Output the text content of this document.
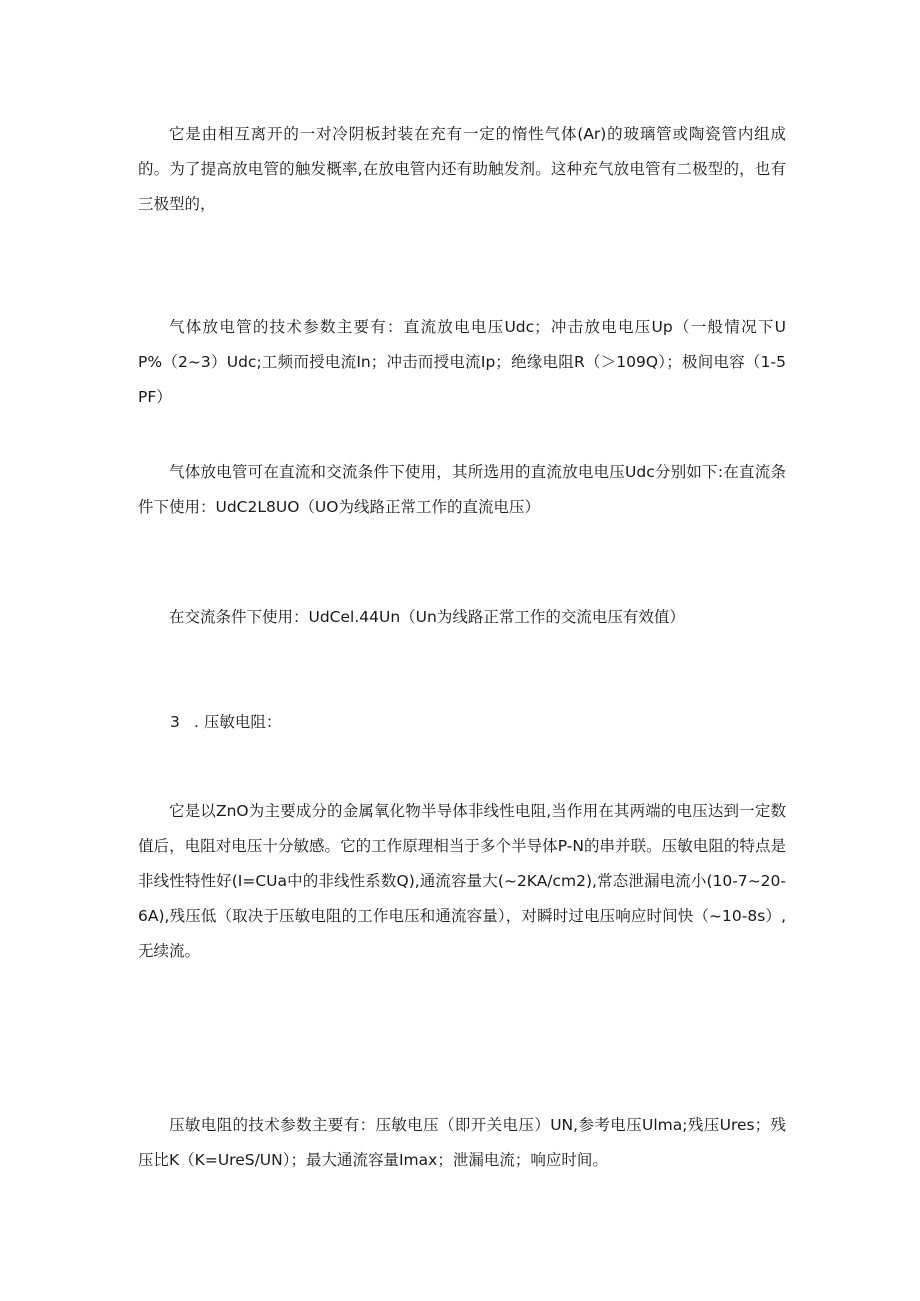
它是由相互离开的一对冷阴板封装在充有一定的惰性气体(Ar)的玻璃管或陶瓷管内组成的。为了提高放电管的触发概率,在放电管内还有助触发剂。这种充气放电管有二极型的，也有三极型的，

气体放电管的技术参数主要有：直流放电电压Udc；冲击放电电压Up（一般情况下UP%（2~3）Udc;工频而授电流In；冲击而授电流Ip；绝缘电阻R（＞109Q）；极间电容（1-5PF）

气体放电管可在直流和交流条件下使用，其所选用的直流放电电压Udc分别如下:在直流条件下使用：UdC2L8UO（UO为线路正常工作的直流电压）

在交流条件下使用：UdCel.44Un（Un为线路正常工作的交流电压有效值）

3 . 压敏电阻：

它是以ZnO为主要成分的金属氧化物半导体非线性电阻,当作用在其两端的电压达到一定数值后，电阻对电压十分敏感。它的工作原理相当于多个半导体P-N的串并联。压敏电阻的特点是非线性特性好(I=CUa中的非线性系数Q),通流容量大(~2KA∕cm2),常态泄漏电流小(10-7~20-6A),残压低（取决于压敏电阻的工作电压和通流容量），对瞬时过电压响应时间快（~10-8s）,无续流。

压敏电阻的技术参数主要有：压敏电压（即开关电压）UN,参考电压Ulma;残压Ures；残压比K（K=UreS/UN）；最大通流容量Imax；泄漏电流；响应时间。
